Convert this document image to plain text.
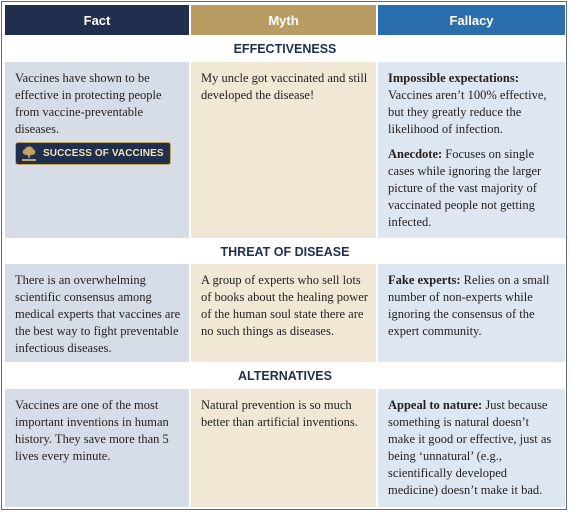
Fact	Myth	Fallacy
EFFECTIVENESS
Vaccines have shown to be effective in protecting people from vaccine-preventable diseases.
SUCCESS OF VACCINES
My uncle got vaccinated and still developed the disease!

Impossible expectations: Vaccines aren’t 100% effective, but they greatly reduce the likelihood of infection.

Anecdote: Focuses on single cases while ignoring the larger picture of the vast majority of vaccinated people not getting infected.

THREAT OF DISEASE
There is an overwhelming scientific consensus among medical experts that vaccines are the best way to fight preventable infectious diseases.
A group of experts who sell lots of books about the healing power of the human soul state there are no such things as diseases.

Fake experts: Relies on a small number of non-experts while ignoring the consensus of the expert community.

ALTERNATIVES
Vaccines are one of the most important inventions in human history. They save more than 5 lives every minute.
Natural prevention is so much better than artificial inventions.

Appeal to nature: Just because something is natural doesn’t make it good or effective, just as being ‘unnatural’ (e.g., scientifically developed medicine) doesn’t make it bad.
